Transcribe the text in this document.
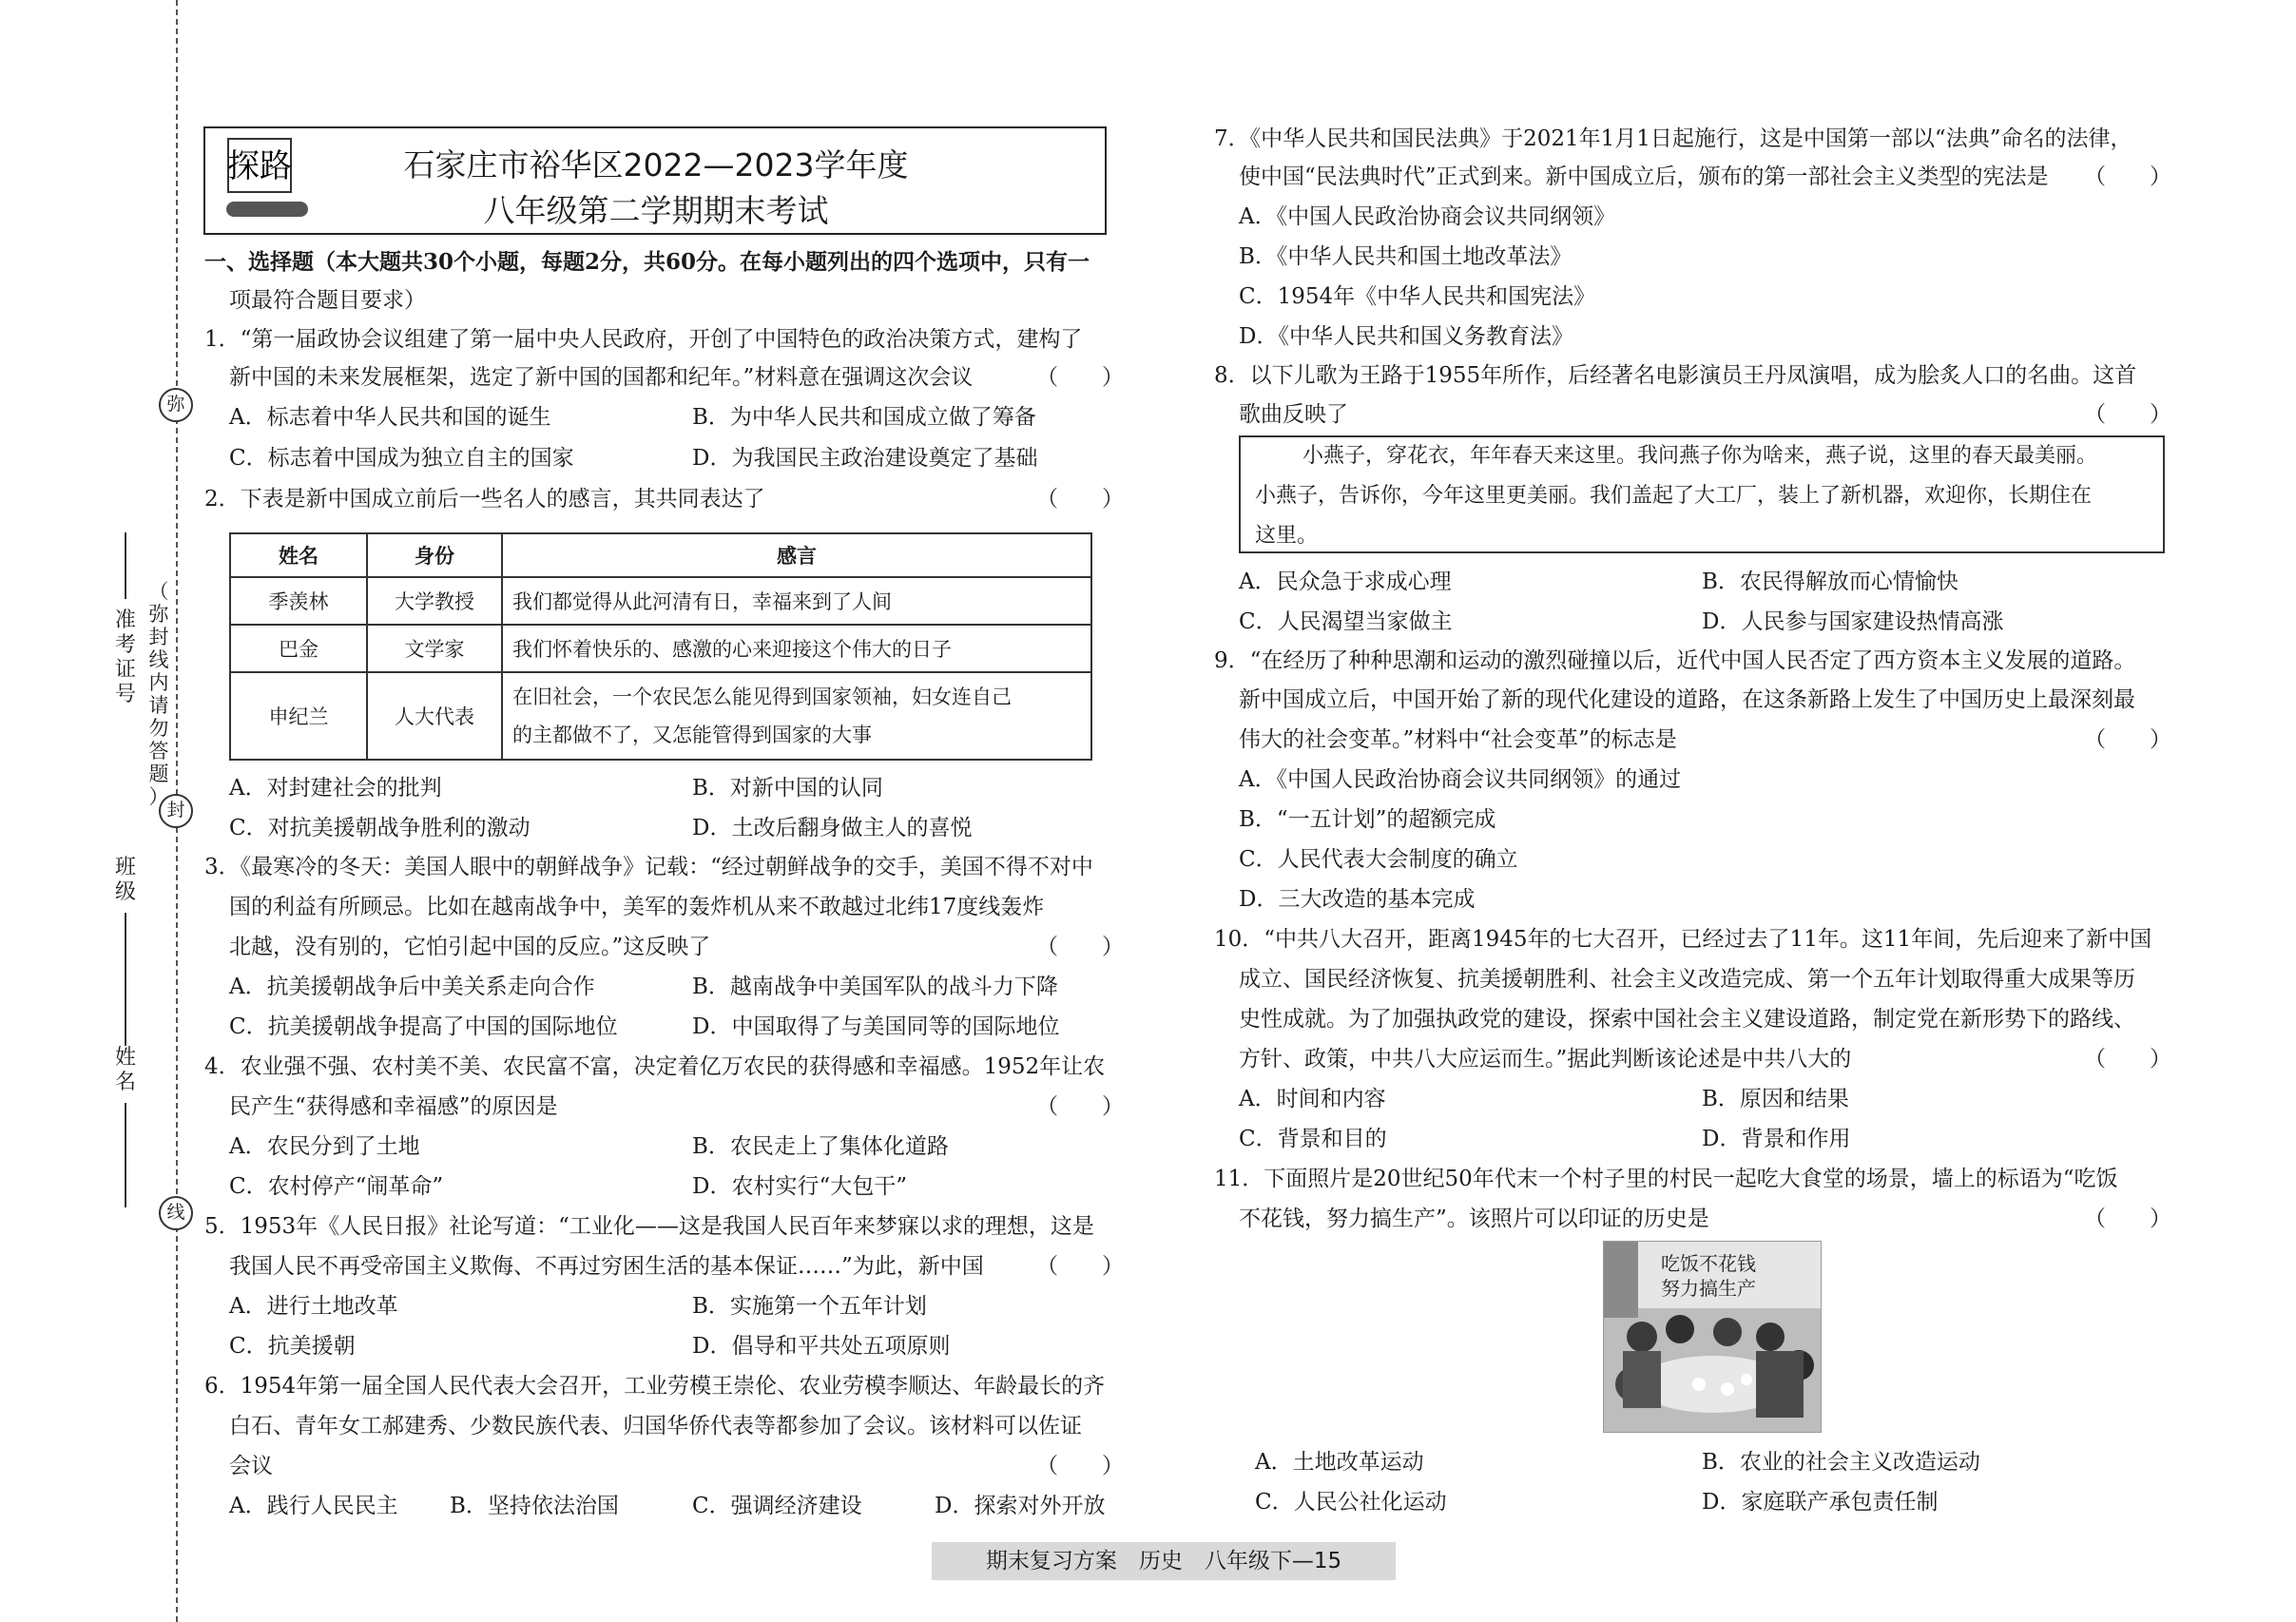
弥
封
线
（
弥
封
线
内
请
勿
答
题
）
准
考
证
号
班
级
姓
名
探路	石家庄市裕华区2022—2023学年度
八年级第二学期期末考试
一、选择题（本大题共30个小题，每题2分，共60分。在每小题列出的四个选项中，只有一
项最符合题目要求）
1．“第一届政协会议组建了第一届中央人民政府，开创了中国特色的政治决策方式，建构了
新中国的未来发展框架，选定了新中国的国都和纪年。”材料意在强调这次会议	（　　）
A．标志着中华人民共和国的诞生	B．为中华人民共和国成立做了筹备
C．标志着中国成为独立自主的国家	D．为我国民主政治建设奠定了基础
2．下表是新中国成立前后一些名人的感言，其共同表达了	（　　）
姓名	身份	感言
季羡林	大学教授	我们都觉得从此河清有日，幸福来到了人间
巴金	文学家	我们怀着快乐的、感激的心来迎接这个伟大的日子
申纪兰	人大代表	在旧社会，一个农民怎么能见得到国家领袖，妇女连自己
的主都做不了，又怎能管得到国家的大事
A．对封建社会的批判	B．对新中国的认同
C．对抗美援朝战争胜利的激动	D．土改后翻身做主人的喜悦
3．《最寒冷的冬天：美国人眼中的朝鲜战争》记载：“经过朝鲜战争的交手，美国不得不对中
国的利益有所顾忌。比如在越南战争中，美军的轰炸机从来不敢越过北纬17度线轰炸
北越，没有别的，它怕引起中国的反应。”这反映了	（　　）
A．抗美援朝战争后中美关系走向合作	B．越南战争中美国军队的战斗力下降
C．抗美援朝战争提高了中国的国际地位	D．中国取得了与美国同等的国际地位
4．农业强不强、农村美不美、农民富不富，决定着亿万农民的获得感和幸福感。1952年让农
民产生“获得感和幸福感”的原因是	（　　）
A．农民分到了土地	B．农民走上了集体化道路
C．农村停产“闹革命”	D．农村实行“大包干”
5．1953年《人民日报》社论写道：“工业化——这是我国人民百年来梦寐以求的理想，这是
我国人民不再受帝国主义欺侮、不再过穷困生活的基本保证……”为此，新中国 （　　）
A．进行土地改革	B．实施第一个五年计划
C．抗美援朝	D．倡导和平共处五项原则
6．1954年第一届全国人民代表大会召开，工业劳模王崇伦、农业劳模李顺达、年龄最长的齐
白石、青年女工郝建秀、少数民族代表、归国华侨代表等都参加了会议。该材料可以佐证
会议	（　　）
A．践行人民民主 B．坚持依法治国	C．强调经济建设	D．探索对外开放
7．《中华人民共和国民法典》于2021年1月1日起施行，这是中国第一部以“法典”命名的法律，
使中国“民法典时代”正式到来。新中国成立后，颁布的第一部社会主义类型的宪法是 （　　）
A．《中国人民政治协商会议共同纲领》
B．《中华人民共和国土地改革法》
C．1954年《中华人民共和国宪法》
D．《中华人民共和国义务教育法》
8．以下儿歌为王路于1955年所作，后经著名电影演员王丹凤演唱，成为脍炙人口的名曲。这首
歌曲反映了	（　　）
小燕子，穿花衣，年年春天来这里。我问燕子你为啥来，燕子说，这里的春天最美丽。
小燕子，告诉你，今年这里更美丽。我们盖起了大工厂，装上了新机器，欢迎你，长期住在
这里。
A．民众急于求成心理	B．农民得解放而心情愉快
C．人民渴望当家做主	D．人民参与国家建设热情高涨
9．“在经历了种种思潮和运动的激烈碰撞以后，近代中国人民否定了西方资本主义发展的道路。
新中国成立后，中国开始了新的现代化建设的道路，在这条新路上发生了中国历史上最深刻最
伟大的社会变革。”材料中“社会变革”的标志是	（　　）
A．《中国人民政治协商会议共同纲领》的通过
B．“一五计划”的超额完成
C．人民代表大会制度的确立
D．三大改造的基本完成
10．“中共八大召开，距离1945年的七大召开，已经过去了11年。这11年间，先后迎来了新中国
成立、国民经济恢复、抗美援朝胜利、社会主义改造完成、第一个五年计划取得重大成果等历
史性成就。为了加强执政党的建设，探索中国社会主义建设道路，制定党在新形势下的路线、
方针、政策，中共八大应运而生。”据此判断该论述是中共八大的	（　　）
A．时间和内容	B．原因和结果
C．背景和目的	D．背景和作用
11．下面照片是20世纪50年代末一个村子里的村民一起吃大食堂的场景，墙上的标语为“吃饭
不花钱，努力搞生产”。该照片可以印证的历史是	（　　）
吃饭不花钱
努力搞生产
A．土地改革运动	B．农业的社会主义改造运动
C．人民公社化运动	D．家庭联产承包责任制
期末复习方案　历史　八年级下—15
